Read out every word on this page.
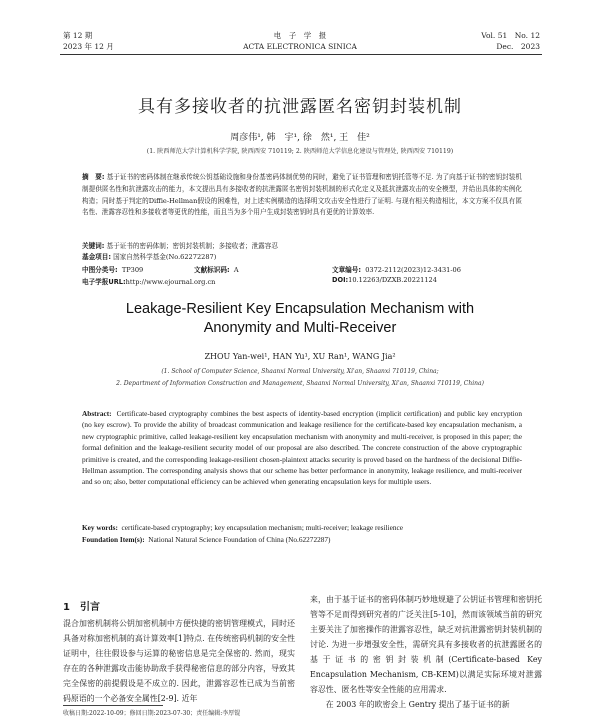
第 12 期
2023 年 12 月
电　子　学　报
ACTA ELECTRONICA SINICA
Vol. 51　No. 12
Dec.　2023
具有多接收者的抗泄露匿名密钥封装机制
周彦伟¹, 韩　宇¹, 徐　然¹, 王　佳²
(1. 陕西师范大学计算机科学学院, 陕西西安 710119; 2. 陕西师范大学信息化建设与管理处, 陕西西安 710119)
摘　要: 基于证书的密码体制在继承传统公钥基础设施和身份基密码体制优势的同时，避免了证书管理和密钥托管等不足. 为了向基于证书的密钥封装机制提供匿名性和抗泄露攻击的能力，本文提出具有多接收者的抗泄露匿名密钥封装机制的形式化定义及抵抗泄露攻击的安全模型，并给出具体的实例化构造；同时基于判定的Diffie-Hellman假设的困难性，对上述实例構造的选择明文攻击安全性进行了证明. 与现有相关构造相比，本文方案不仅具有匿名性、泄露容忍性和多接收者等更优的性能，而且当为多个用户生成封装密钥时具有更优的计算效率.
关键词: 基于证书的密码体制；密钥封装机制；多接收者；泄露容忍
基金项目: 国家自然科学基金(No.62272287)
中图分类号: TP309	文献标识码: A	文章编号: 0372-2112(2023)12-3431-06
电子学报URL:http://www.ejournal.org.cn	DOI:10.12263/DZXB.20221124
Leakage-Resilient Key Encapsulation Mechanism with
Anonymity and Multi-Receiver
ZHOU Yan-wei¹, HAN Yu¹, XU Ran¹, WANG Jia²
(1. School of Computer Science, Shaanxi Normal University, Xi'an, Shaanxi 710119, China;
2. Department of Information Construction and Management, Shaanxi Normal University, Xi'an, Shaanxi 710119, China)
Abstract: Certificate-based cryptography combines the best aspects of identity-based encryption (implicit certification) and public key encryption (no key escrow). To provide the ability of broadcast communication and leakage resilience for the certificate-based key encapsulation mechanism, a new cryptographic primitive, called leakage-resilient key encapsulation mechanism with anonymity and multi-receiver, is proposed in this paper; the formal definition and the leakage-resilient security model of our proposal are also described. The concrete construction of the above cryptographic primitive is created, and the corresponding leakage-resilient chosen-plaintext attacks security is proved based on the hardness of the decisional Diffie-Hellman assumption. The corresponding analysis shows that our scheme has better performance in anonymity, leakage resilience, and multi-receiver and so on; also, better computational efficiency can be achieved when generating encapsulation keys for multiple users.
Key words: certificate-based cryptography; key encapsulation mechanism; multi-receiver; leakage resilience
Foundation Item(s): National Natural Science Foundation of China (No.62272287)
1　引言
混合加密机制将公钥加密机制中方便快捷的密钥管理模式，同时还具备对称加密机制的高计算效率[1]特点. 在传统密码机制的安全性证明中，往往假设参与运算的秘密信息是完全保密的. 然而，现实存在的各种泄露攻击能协助敌手获得秘密信息的部分内容，导致其完全保密的前提假设是不成立的. 因此，泄露容忍性已成为当前密码原语的一个必备安全属性[2-9]. 近年
来，由于基于证书的密码体制巧妙地规避了公钥证书管理和密钥托管等不足而得到研究者的广泛关注[5-10]，然而该领域当前的研究主要关注了加密操作的泄露容忍性，缺乏对抗泄露密钥封装机制的讨论. 为进一步增强安全性，需研究具有多接收者的抗泄露匿名的基于证书的密钥封装机制(Certificate-based Key Encapsulation Mechanism, CB-KEM)以满足实际环境对泄露容忍性、匿名性等安全性能的应用需求.
在 2003 年的欧密会上 Gentry 提出了基于证书的新
收稿日期:2022-10-09；修回日期:2023-07-30；责任编辑:李厚锟
